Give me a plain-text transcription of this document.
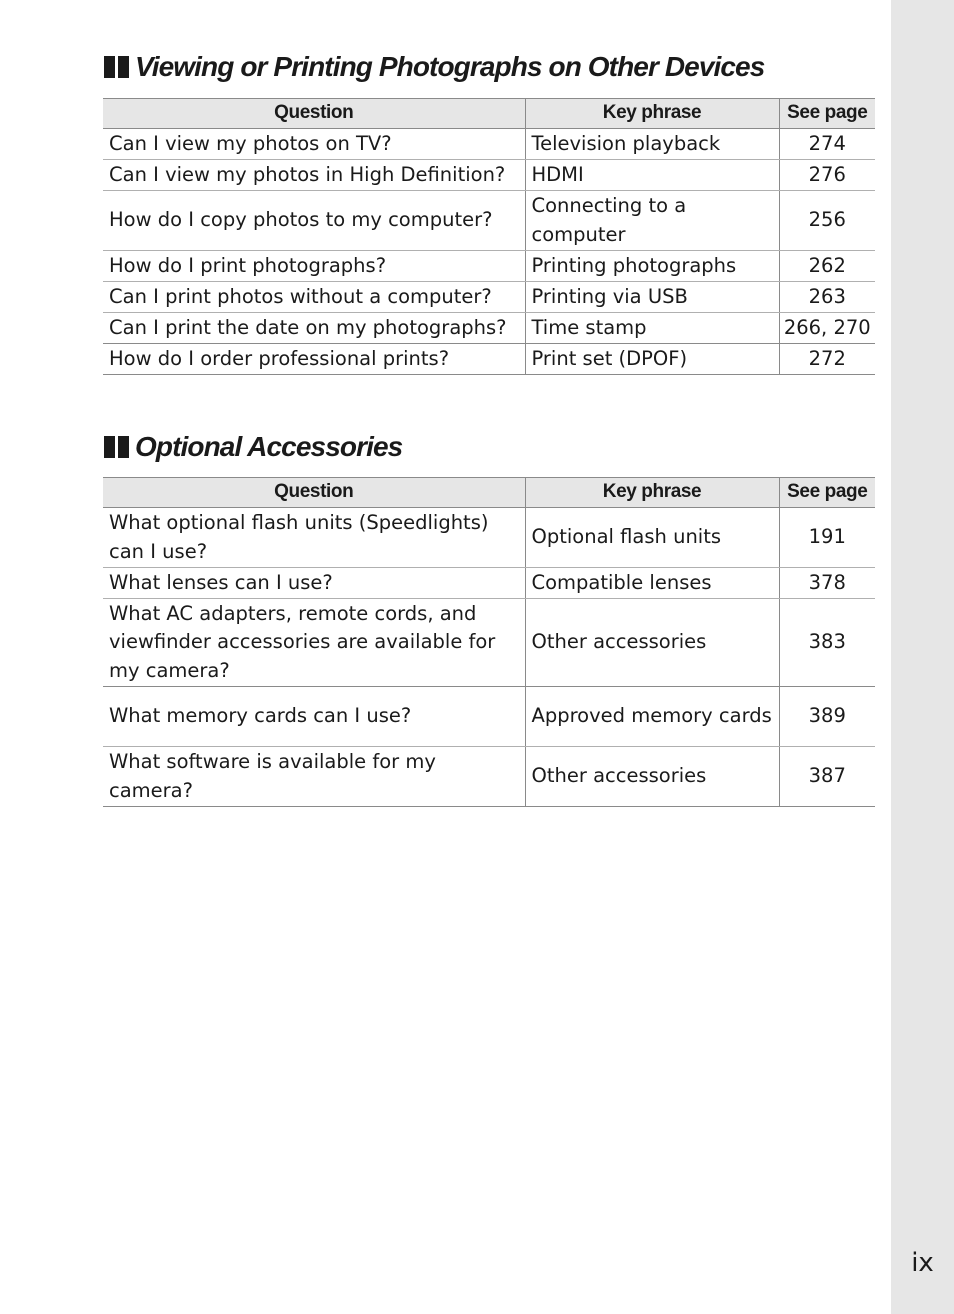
Viewing or Printing Photographs on Other Devices
Question	Key phrase	See page
Can I view my photos on TV?	Television playback	274
Can I view my photos in High Definition?	HDMI	276
How do I copy photos to my computer?	Connecting to a computer	256
How do I print photographs?	Printing photographs	262
Can I print photos without a computer?	Printing via USB	263
Can I print the date on my photographs?	Time stamp	266, 270
How do I order professional prints?	Print set (DPOF)	272
Optional Accessories
Question	Key phrase	See page
What optional flash units (Speedlights) can I use?	Optional flash units	191
What lenses can I use?	Compatible lenses	378
What AC adapters, remote cords, and viewfinder accessories are available for my camera?	Other accessories	383
What memory cards can I use?	Approved memory cards	389
What software is available for my camera?	Other accessories	387
ix
